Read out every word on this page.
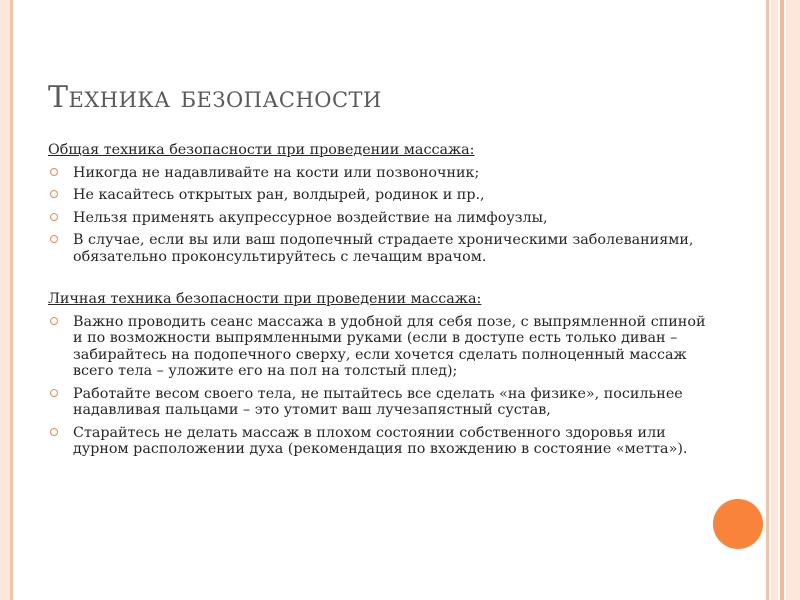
Техника безопасности
Общая техника безопасности при проведении массажа:
Никогда не надавливайте на кости или позвоночник;
Не касайтесь открытых ран, волдырей, родинок и пр.,
Нельзя применять акупрессурное воздействие на лимфоузлы,
В случае, если вы или ваш подопечный страдаете хроническими заболеваниями, обязательно проконсультируйтесь с лечащим врачом.
Личная техника безопасности при проведении массажа:
Важно проводить сеанс массажа в удобной для себя позе, с выпрямленной спиной и по возможности выпрямленными руками (если в доступе есть только диван – забирайтесь на подопечного сверху, если хочется сделать полноценный массаж всего тела – уложите его на пол на толстый плед);
Работайте весом своего тела, не пытайтесь все сделать «на физике», посильнее надавливая пальцами – это утомит ваш лучезапястный сустав,
Старайтесь не делать массаж в плохом состоянии собственного здоровья или дурном расположении духа (рекомендация по вхождению в состояние «метта»).
